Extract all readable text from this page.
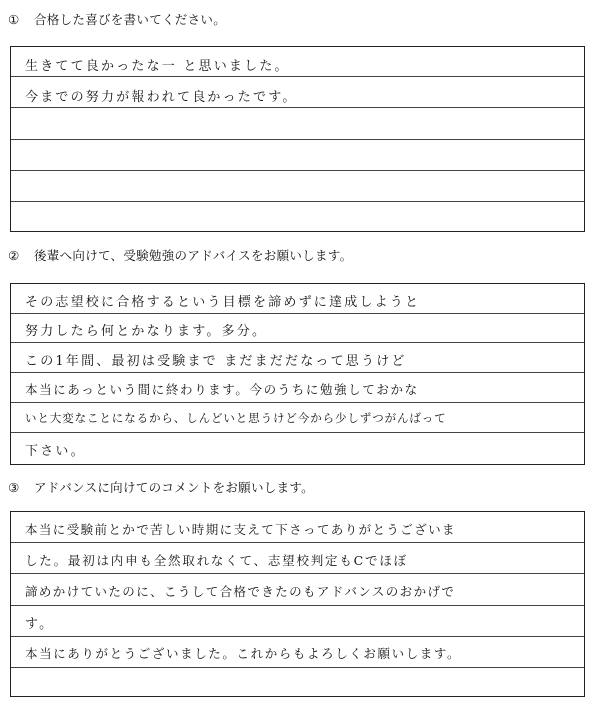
① 合格した喜びを書いてください。
生きてて良かったな一 と思いました。
今までの努力が報われて良かったです。
② 後輩へ向けて、受験勉強のアドバイスをお願いします。
その志望校に合格するという目標を諦めずに達成しようと
努力したら何とかなります。多分。
この1年間、最初は受験まで まだまだだなって思うけど
本当にあっという間に終わります。今のうちに勉強しておかな
いと大変なことになるから、しんどいと思うけど今から少しずつがんばって
下さい。
③ アドバンスに向けてのコメントをお願いします。
本当に受験前とかで苦しい時期に支えて下さってありがとうございま
した。最初は内申も全然取れなくて、志望校判定もCでほぼ
諦めかけていたのに、こうして合格できたのもアドバンスのおかげで
す。
本当にありがとうございました。これからもよろしくお願いします。
